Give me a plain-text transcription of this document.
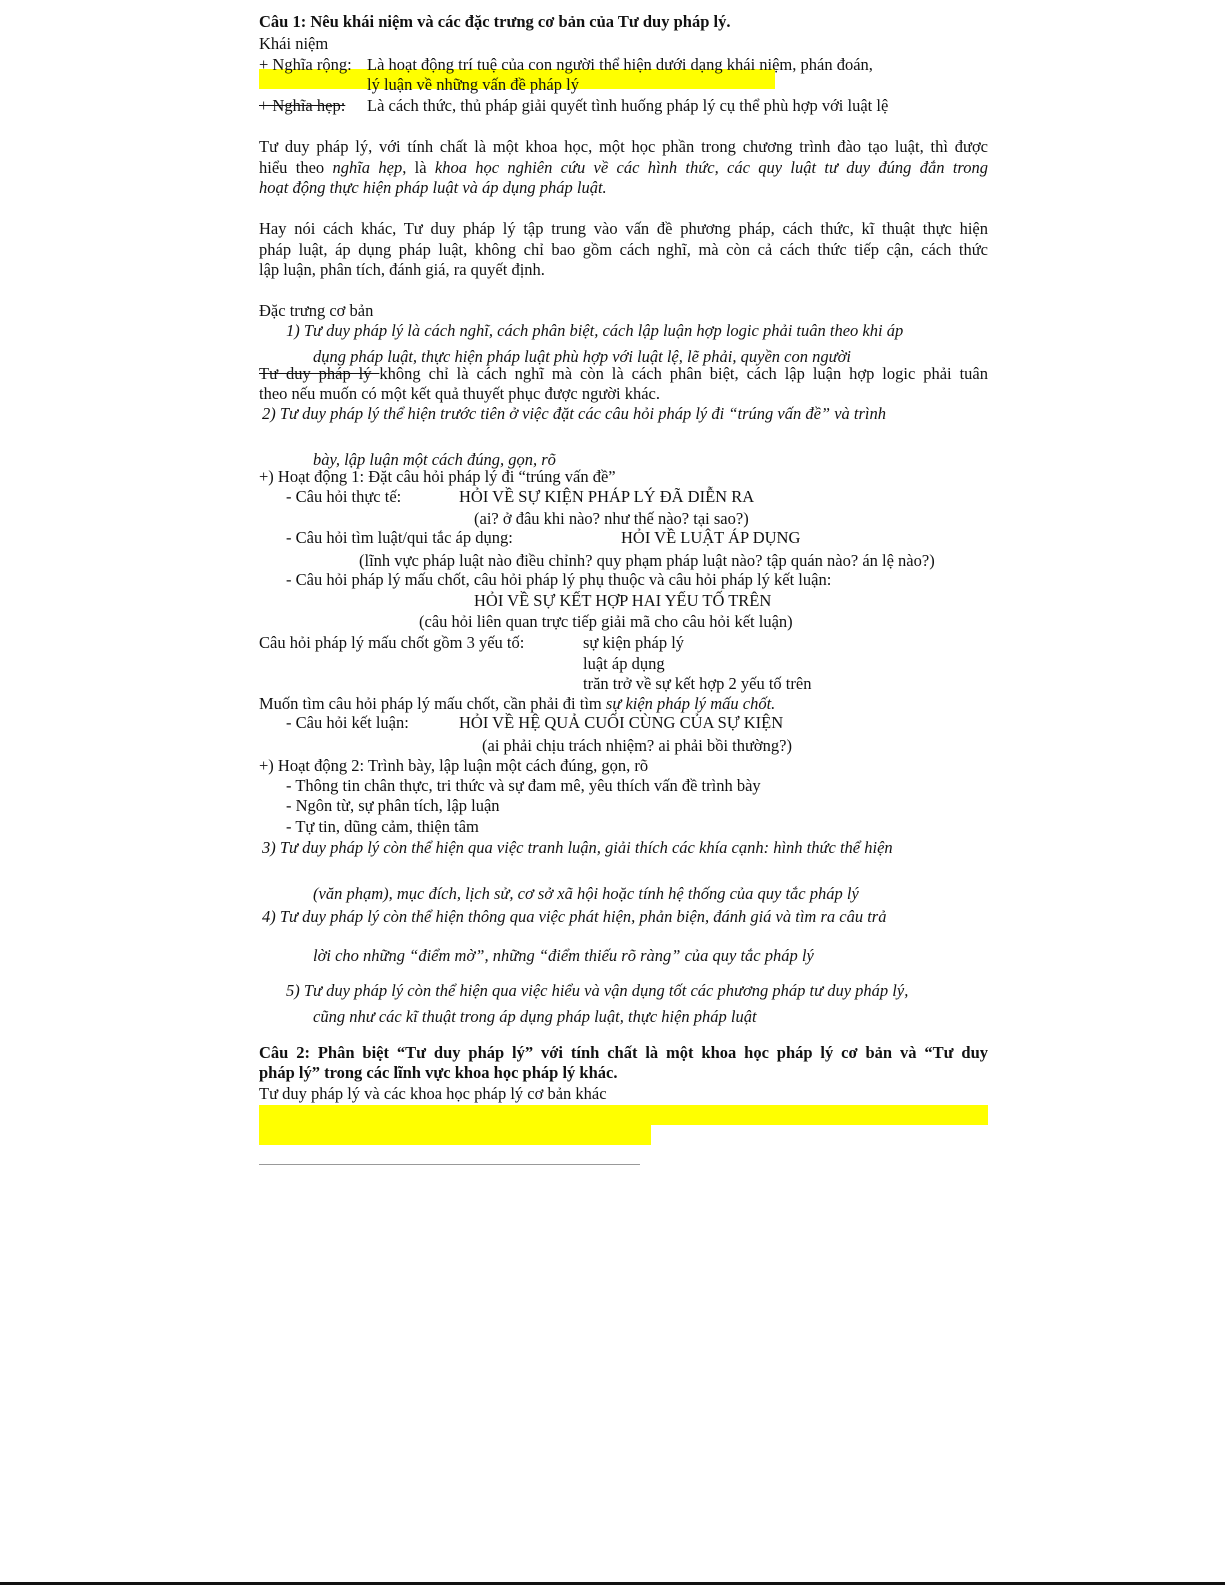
Câu 1: Nêu khái niệm và các đặc trưng cơ bản của Tư duy pháp lý.
Khái niệm
+ Nghĩa rộng: Là hoạt động trí tuệ của con người thể hiện dưới dạng khái niệm, phán đoán,
lý luận về những vấn đề pháp lý
+ Nghĩa hẹp: Là cách thức, thủ pháp giải quyết tình huống pháp lý cụ thể phù hợp với luật lệ
Tư duy pháp lý, với tính chất là một khoa học, một học phần trong chương trình đào tạo luật, thì được
hiểu theo nghĩa hẹp, là khoa học nghiên cứu về các hình thức, các quy luật tư duy đúng đắn trong
hoạt động thực hiện pháp luật và áp dụng pháp luật.
Hay nói cách khác, Tư duy pháp lý tập trung vào vấn đề phương pháp, cách thức, kĩ thuật thực hiện
pháp luật, áp dụng pháp luật, không chỉ bao gồm cách nghĩ, mà còn cả cách thức tiếp cận, cách thức
lập luận, phân tích, đánh giá, ra quyết định.
Đặc trưng cơ bản
1) Tư duy pháp lý là cách nghĩ, cách phân biệt, cách lập luận hợp logic phải tuân theo khi áp
dụng pháp luật, thực hiện pháp luật phù hợp với luật lệ, lẽ phải, quyền con người
Tư duy pháp lý không chỉ là cách nghĩ mà còn là cách phân biệt, cách lập luận hợp logic phải tuân
theo nếu muốn có một kết quả thuyết phục được người khác.
2) Tư duy pháp lý thể hiện trước tiên ở việc đặt các câu hỏi pháp lý đi “trúng vấn đề” và trình
bày, lập luận một cách đúng, gọn, rõ
+) Hoạt động 1: Đặt câu hỏi pháp lý đi “trúng vấn đề”
- Câu hỏi thực tế:	HỎI VỀ SỰ KIỆN PHÁP LÝ ĐÃ DIỄN RA
(ai? ở đâu khi nào? như thế nào? tại sao?)
- Câu hỏi tìm luật/qui tắc áp dụng:	HỎI VỀ LUẬT ÁP DỤNG
(lĩnh vực pháp luật nào điều chỉnh? quy phạm pháp luật nào? tập quán nào? án lệ nào?)
- Câu hỏi pháp lý mấu chốt, câu hỏi pháp lý phụ thuộc và câu hỏi pháp lý kết luận:
HỎI VỀ SỰ KẾT HỢP HAI YẾU TỐ TRÊN
(câu hỏi liên quan trực tiếp giải mã cho câu hỏi kết luận)
Câu hỏi pháp lý mấu chốt gồm 3 yếu tố:	sự kiện pháp lý
luật áp dụng
trăn trở về sự kết hợp 2 yếu tố trên
Muốn tìm câu hỏi pháp lý mấu chốt, cần phải đi tìm sự kiện pháp lý mấu chốt.
- Câu hỏi kết luận:	HỎI VỀ HỆ QUẢ CUỐI CÙNG CỦA SỰ KIỆN
(ai phải chịu trách nhiệm? ai phải bồi thường?)
+) Hoạt động 2: Trình bày, lập luận một cách đúng, gọn, rõ
- Thông tin chân thực, tri thức và sự đam mê, yêu thích vấn đề trình bày
- Ngôn từ, sự phân tích, lập luận
- Tự tin, dũng cảm, thiện tâm
3) Tư duy pháp lý còn thể hiện qua việc tranh luận, giải thích các khía cạnh: hình thức thể hiện
(văn phạm), mục đích, lịch sử, cơ sở xã hội hoặc tính hệ thống của quy tắc pháp lý
4) Tư duy pháp lý còn thể hiện thông qua việc phát hiện, phản biện, đánh giá và tìm ra câu trả
lời cho những “điểm mờ”, những “điểm thiếu rõ ràng” của quy tắc pháp lý
5) Tư duy pháp lý còn thể hiện qua việc hiểu và vận dụng tốt các phương pháp tư duy pháp lý,
cũng như các kĩ thuật trong áp dụng pháp luật, thực hiện pháp luật
Câu 2: Phân biệt “Tư duy pháp lý” với tính chất là một khoa học pháp lý cơ bản và “Tư duy
pháp lý” trong các lĩnh vực khoa học pháp lý khác.
Tư duy pháp lý và các khoa học pháp lý cơ bản khác
